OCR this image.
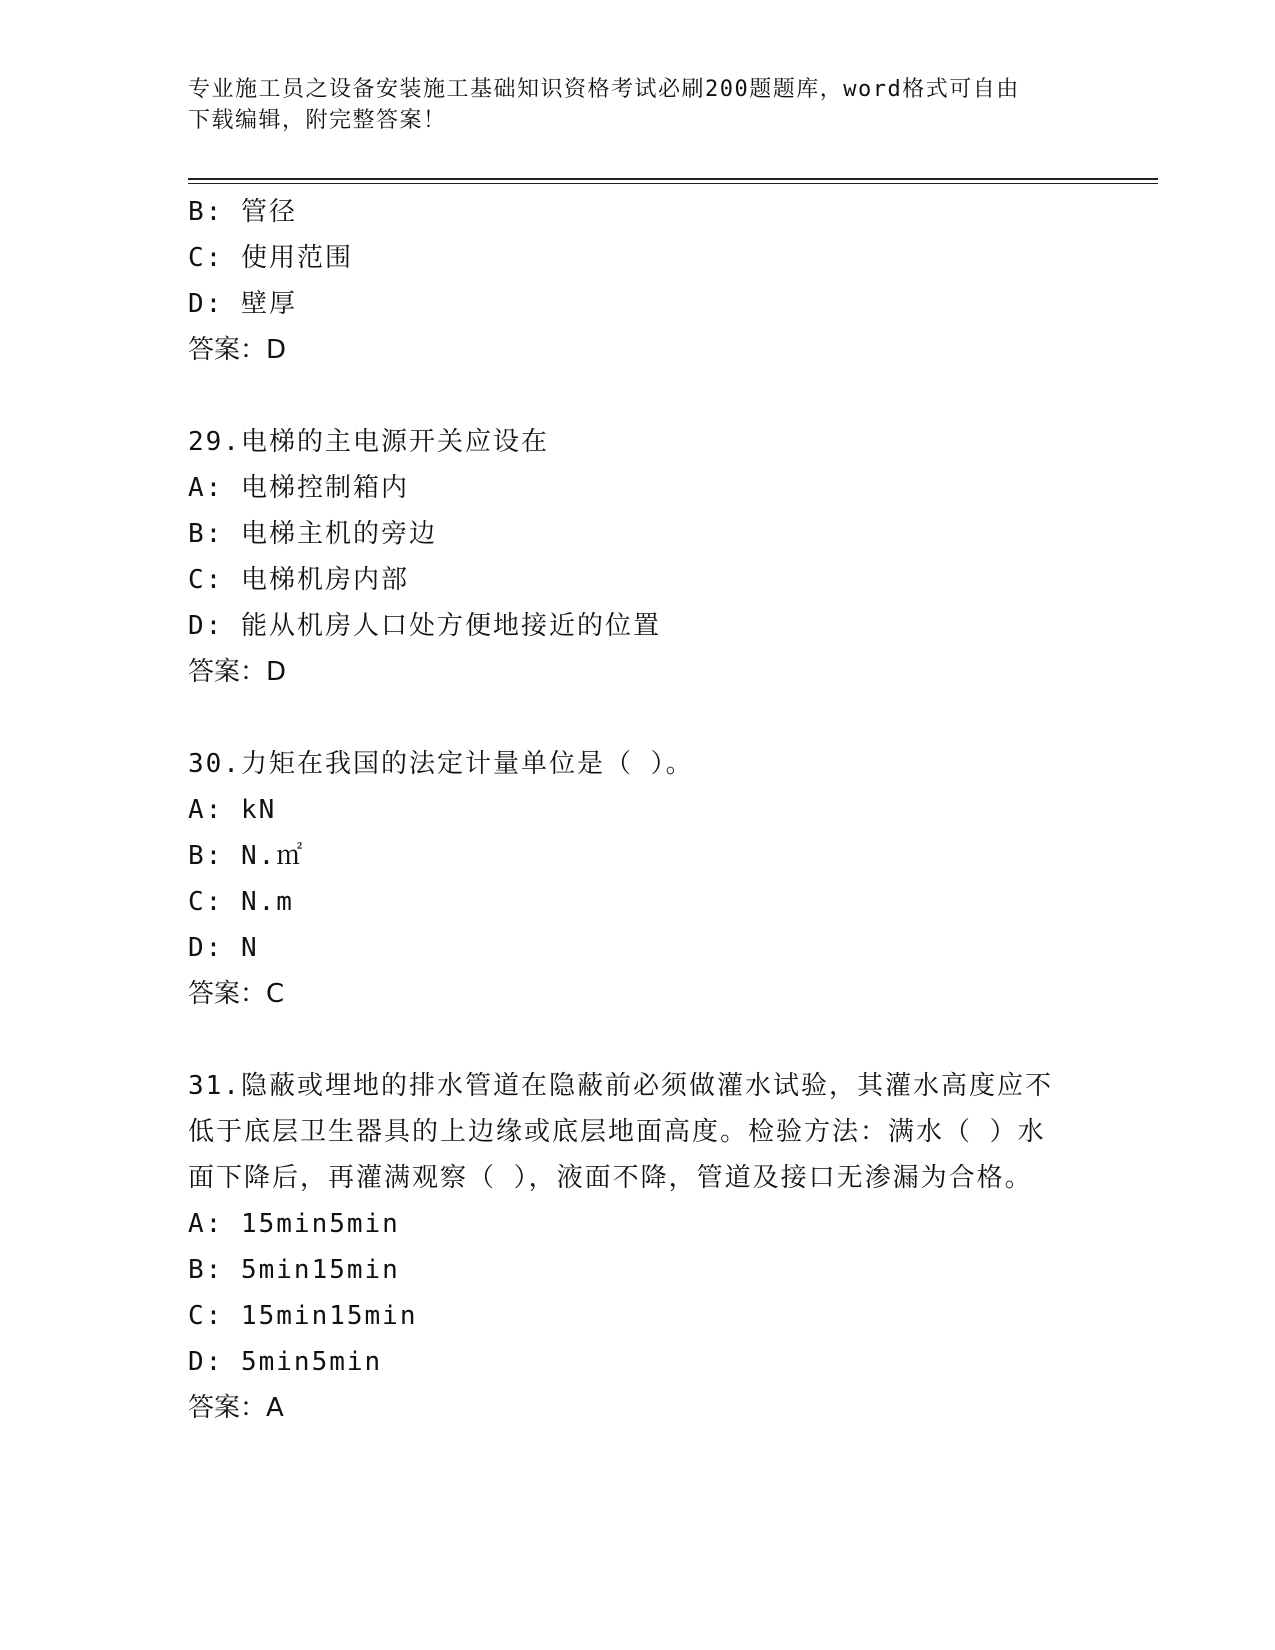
专业施工员之设备安装施工基础知识资格考试必刷200题题库，word格式可自由
下载编辑，附完整答案！
B: 管径
C: 使用范围
D: 壁厚
答案：D
29.电梯的主电源开关应设在
A: 电梯控制箱内
B: 电梯主机的旁边
C: 电梯机房内部
D: 能从机房人口处方便地接近的位置
答案：D
30.力矩在我国的法定计量单位是（ ）。
A: kN
B: N.㎡
C: N.m
D: N
答案：C
31.隐蔽或埋地的排水管道在隐蔽前必须做灌水试验，其灌水高度应不
低于底层卫生器具的上边缘或底层地面高度。检验方法：满水（ ）水
面下降后，再灌满观察（ ），液面不降，管道及接口无渗漏为合格。
A: 15min5min
B: 5min15min
C: 15min15min
D: 5min5min
答案：A
